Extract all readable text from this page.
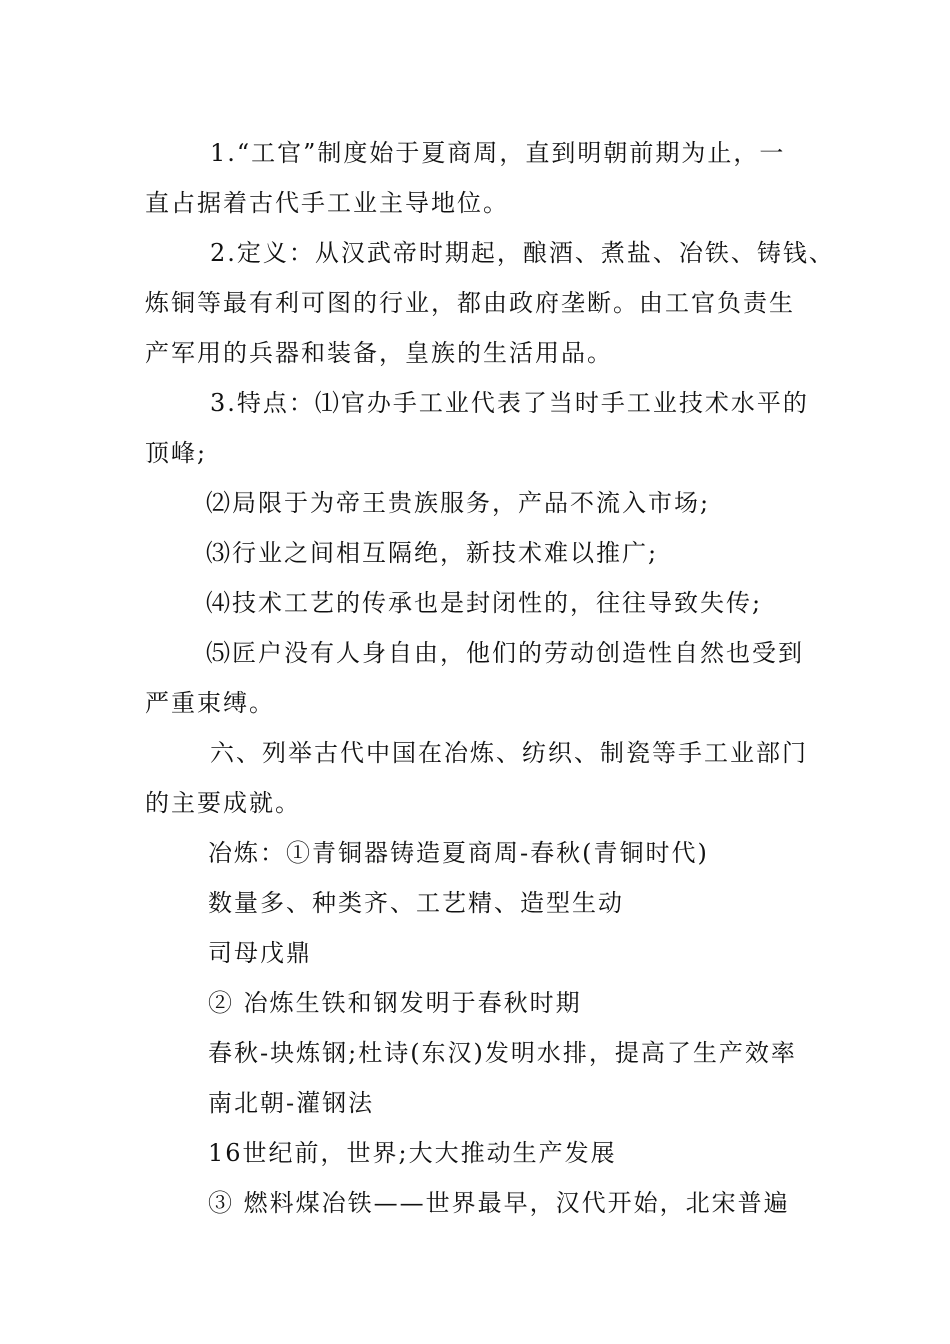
1.“工官”制度始于夏商周，直到明朝前期为止，一
直占据着古代手工业主导地位。
2.定义：从汉武帝时期起，酿酒、煮盐、冶铁、铸钱、
炼铜等最有利可图的行业，都由政府垄断。由工官负责生
产军用的兵器和装备，皇族的生活用品。
3.特点：⑴官办手工业代表了当时手工业技术水平的
顶峰;
⑵局限于为帝王贵族服务，产品不流入市场;
⑶行业之间相互隔绝，新技术难以推广;
⑷技术工艺的传承也是封闭性的，往往导致失传;
⑸匠户没有人身自由，他们的劳动创造性自然也受到
严重束缚。
六、列举古代中国在冶炼、纺织、制瓷等手工业部门
的主要成就。
冶炼：①青铜器铸造夏商周-春秋(青铜时代)
数量多、种类齐、工艺精、造型生动
司母戊鼎
② 冶炼生铁和钢发明于春秋时期
春秋-块炼钢;杜诗(东汉)发明水排，提高了生产效率
南北朝-灌钢法
16世纪前，世界;大大推动生产发展
③ 燃料煤冶铁——世界最早，汉代开始，北宋普遍
